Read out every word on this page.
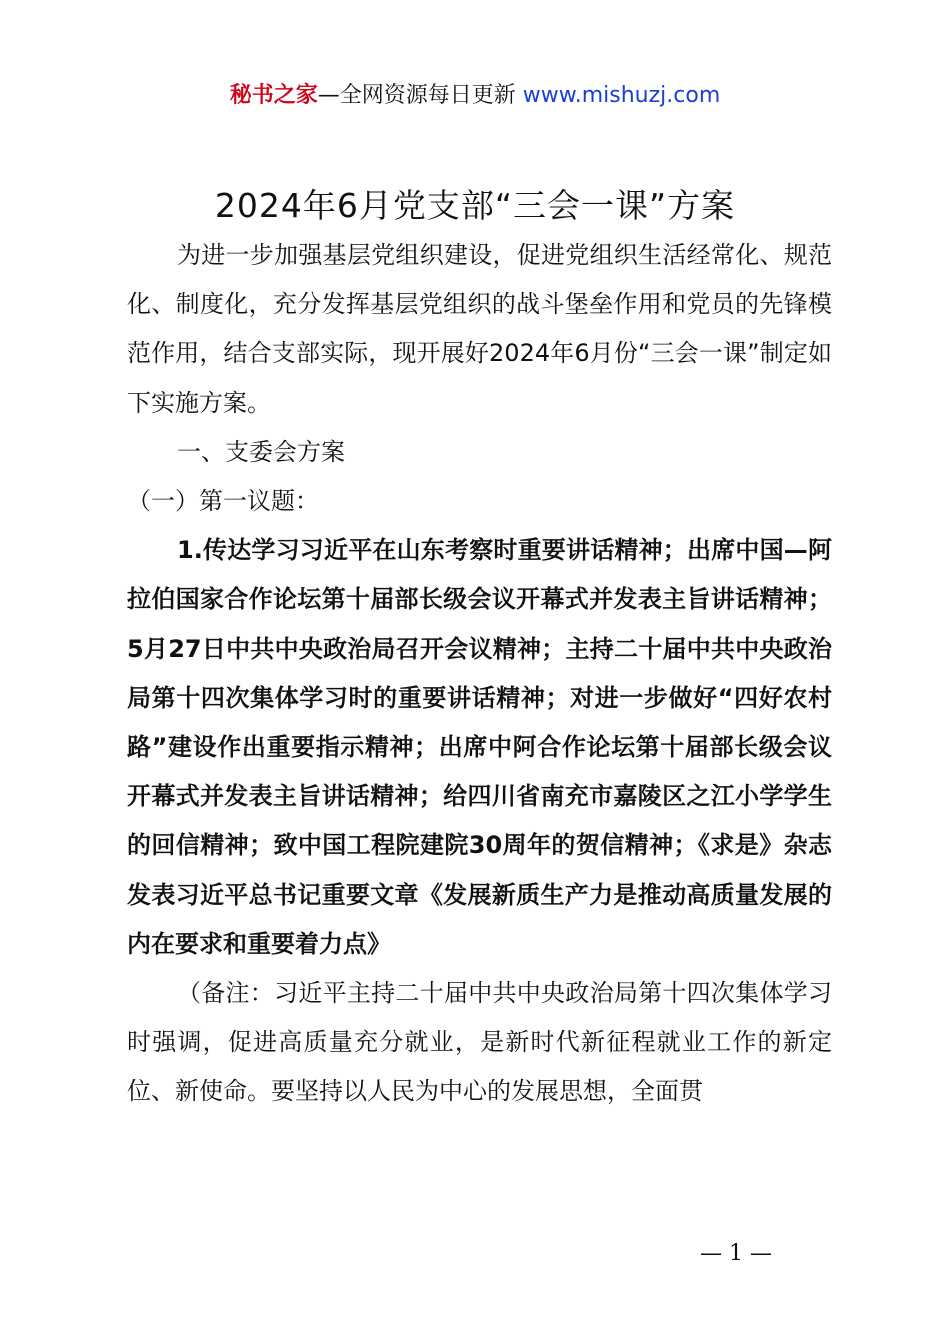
秘书之家—全网资源每日更新 www.mishuzj.com
2024年6月党支部“三会一课”方案

为进一步加强基层党组织建设，促进党组织生活经常化、规范化、制度化，充分发挥基层党组织的战斗堡垒作用和党员的先锋模范作用，结合支部实际，现开展好2024年6月份“三会一课”制定如下实施方案。

一、支委会方案

（一）第一议题：

1.传达学习习近平在山东考察时重要讲话精神；出席中国—阿拉伯国家合作论坛第十届部长级会议开幕式并发表主旨讲话精神；5月27日中共中央政治局召开会议精神；主持二十届中共中央政治局第十四次集体学习时的重要讲话精神；对进一步做好“四好农村路”建设作出重要指示精神；出席中阿合作论坛第十届部长级会议开幕式并发表主旨讲话精神；给四川省南充市嘉陵区之江小学学生的回信精神；致中国工程院建院30周年的贺信精神；《求是》杂志发表习近平总书记重要文章《发展新质生产力是推动高质量发展的内在要求和重要着力点》

（备注：习近平主持二十届中共中央政治局第十四次集体学习时强调，促进高质量充分就业，是新时代新征程就业工作的新定位、新使命。要坚持以人民为中心的发展思想，全面贯

— 1 —
